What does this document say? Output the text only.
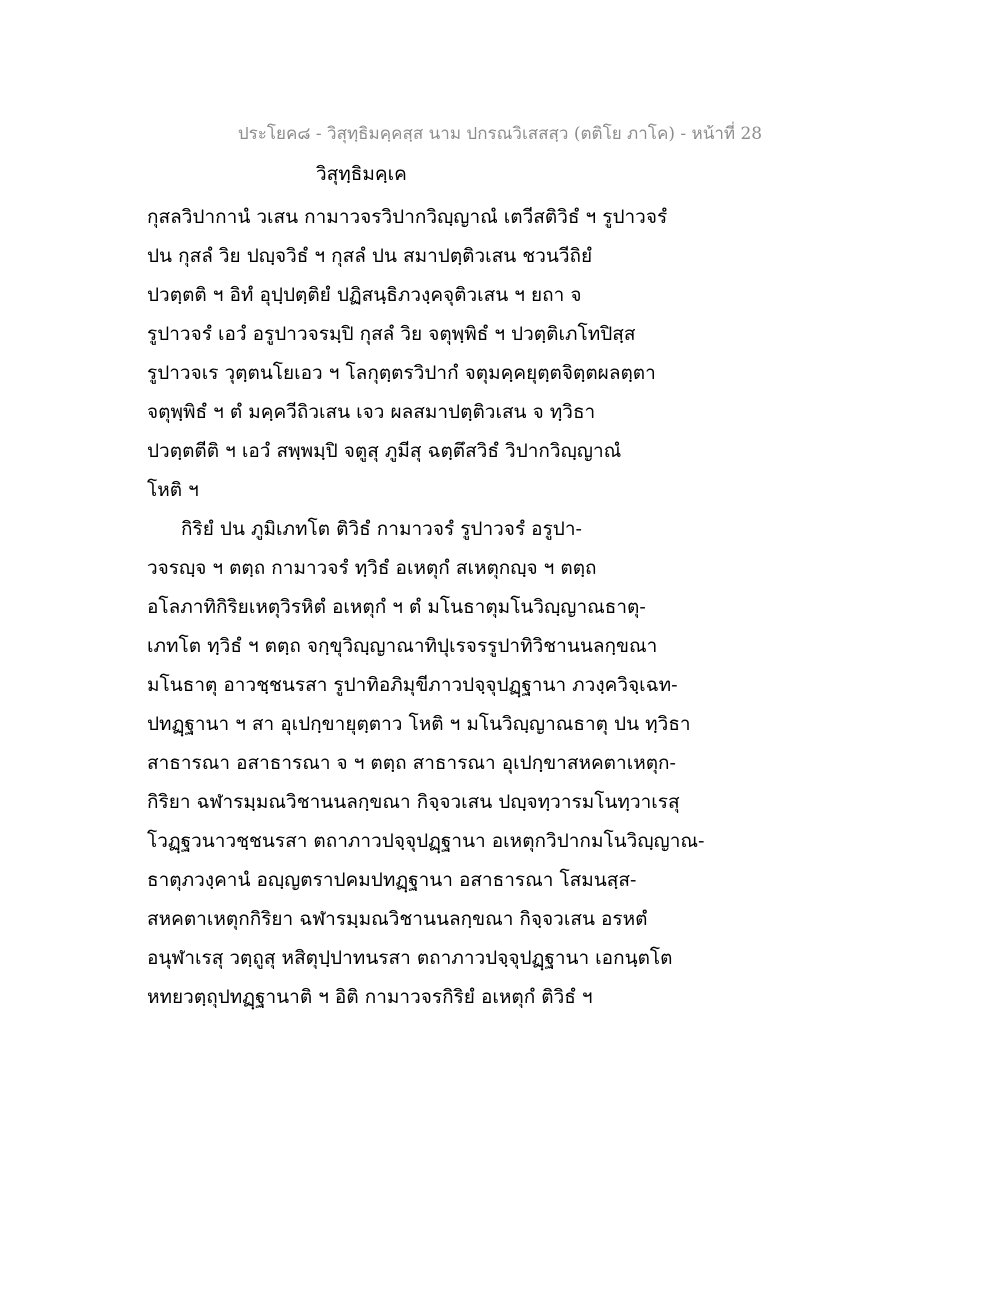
ประโยค๘ - วิสุทฺธิมคฺคสฺส นาม ปกรณวิเสสสฺว (ตติโย ภาโค) - หน้าที่ 28
วิสุทฺธิมคฺเค
กุสลวิปากานํ วเสน กามาวจรวิปากวิญฺญาณํ เตวีสติวิธํ ฯ รูปาวจรํ
ปน กุสลํ วิย ปญฺจวิธํ ฯ กุสลํ ปน สมาปตฺติวเสน ชวนวีถิยํ
ปวตฺตติ ฯ อิทํ อุปฺปตฺติยํ ปฏิสนฺธิภวงฺคจุติวเสน ฯ ยถา จ
รูปาวจรํ เอวํ อรูปาวจรมฺปิ กุสลํ วิย จตุพฺพิธํ ฯ ปวตฺติเภโทปิสฺส
รูปาวจเร วุตฺตนโยเอว ฯ โลกุตฺตรวิปากํ จตุมคฺคยุตฺตจิตฺตผลตฺตา
จตุพฺพิธํ ฯ ตํ มคฺควีถิวเสน เจว ผลสมาปตฺติวเสน จ ทฺวิธา
ปวตฺตตีติ ฯ เอวํ สพฺพมฺปิ จตูสุ ภูมีสุ ฉตฺตึสวิธํ วิปากวิญฺญาณํ
โหติ ฯ
กิริยํ ปน ภูมิเภทโต ติวิธํ กามาวจรํ รูปาวจรํ อรูปา-
วจรญฺจ ฯ ตตฺถ กามาวจรํ ทฺวิธํ อเหตุกํ สเหตุกญฺจ ฯ ตตฺถ
อโลภาทิกิริยเหตุวิรหิตํ อเหตุกํ ฯ ตํ มโนธาตุมโนวิญฺญาณธาตุ-
เภทโต ทฺวิธํ ฯ ตตฺถ จกฺขุวิญฺญาณาทิปุเรจรรูปาทิวิชานนลกฺขณา
มโนธาตุ อาวชฺชนรสา รูปาทิอภิมุขีภาวปจฺจุปฏฺฐานา ภวงฺควิจฺเฉท-
ปทฏฺฐานา ฯ สา อุเปกฺขายุตฺตาว โหติ ฯ มโนวิญฺญาณธาตุ ปน ทฺวิธา
สาธารณา อสาธารณา จ ฯ ตตฺถ สาธารณา อุเปกฺขาสหคตาเหตุก-
กิริยา ฉฬารมฺมณวิชานนลกฺขณา กิจฺจวเสน ปญฺจทฺวารมโนทฺวาเรสุ
โวฏฺฐวนาวชฺชนรสา ตถาภาวปจฺจุปฏฺฐานา อเหตุกวิปากมโนวิญฺญาณ-
ธาตุภวงฺคานํ อญฺญตราปคมปทฏฺฐานา อสาธารณา โสมนสฺส-
สหคตาเหตุกกิริยา ฉฬารมฺมณวิชานนลกฺขณา กิจฺจวเสน อรหตํ
อนุฬาเรสุ วตฺถูสุ หสิตุปฺปาทนรสา ตถาภาวปจฺจุปฏฺฐานา เอกนฺตโต
หทยวตฺถุปทฏฺฐานาติ ฯ อิติ กามาวจรกิริยํ อเหตุกํ ติวิธํ ฯ
